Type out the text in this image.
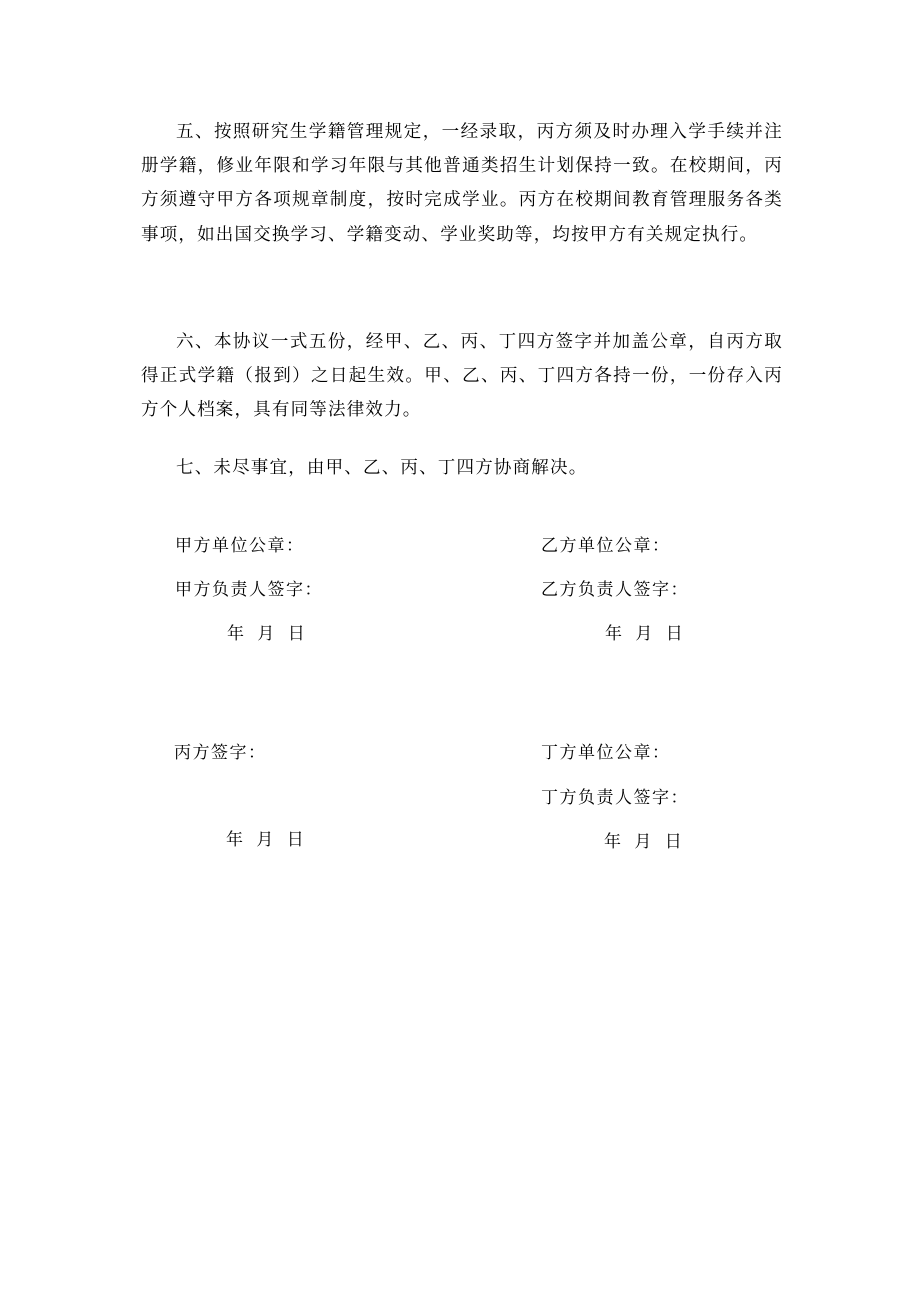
五、按照研究生学籍管理规定，一经录取，丙方须及时办理入学手续并注册学籍，修业年限和学习年限与其他普通类招生计划保持一致。在校期间，丙方须遵守甲方各项规章制度，按时完成学业。丙方在校期间教育管理服务各类事项，如出国交换学习、学籍变动、学业奖助等，均按甲方有关规定执行。

六、本协议一式五份，经甲、乙、丙、丁四方签字并加盖公章，自丙方取得正式学籍（报到）之日起生效。甲、乙、丙、丁四方各持一份，一份存入丙方个人档案，具有同等法律效力。

七、未尽事宜，由甲、乙、丙、丁四方协商解决。

甲方单位公章：
甲方负责人签字：
年 月 日
乙方单位公章：
乙方负责人签字：
年 月 日
丙方签字：
年 月 日
丁方单位公章：
丁方负责人签字：
年 月 日
